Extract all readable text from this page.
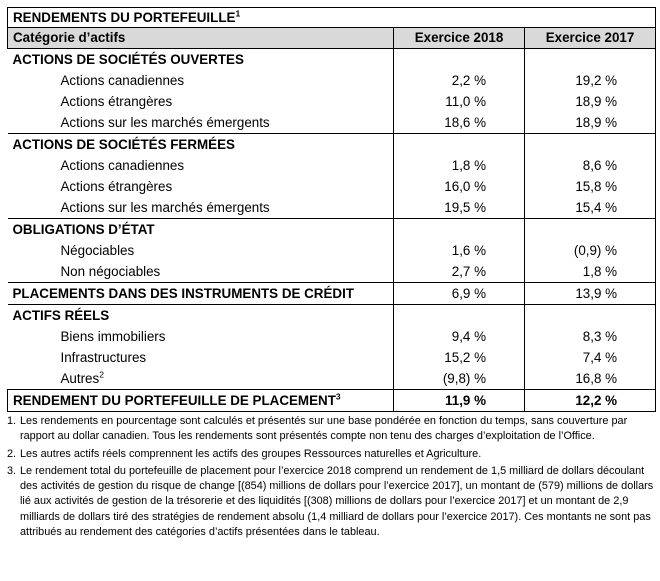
RENDEMENTS DU PORTEFEUILLE$^1$
Catégorie d’actifs	Exercice 2018	Exercice 2017
ACTIONS DE SOCIÉTÉS OUVERTES		
Actions canadiennes	2,2 %	19,2 %
Actions étrangères	11,0 %	18,9 %
Actions sur les marchés émergents	18,6 %	18,9 %
ACTIONS DE SOCIÉTÉS FERMÉES		
Actions canadiennes	1,8 %	8,6 %
Actions étrangères	16,0 %	15,8 %
Actions sur les marchés émergents	19,5 %	15,4 %
OBLIGATIONS D’ÉTAT		
Négociables	1,6 %	(0,9) %
Non négociables	2,7 %	1,8 %
PLACEMENTS DANS DES INSTRUMENTS DE CRÉDIT	6,9 %	13,9 %
ACTIFS RÉELS		
Biens immobiliers	9,4 %	8,3 %
Infrastructures	15,2 %	7,4 %
Autres$^2$	(9,8) %	16,8 %
RENDEMENT DU PORTEFEUILLE DE PLACEMENT$^3$	11,9 %	12,2 %
1. Les rendements en pourcentage sont calculés et présentés sur une base pondérée en fonction du temps, sans couverture par rapport au dollar canadien. Tous les rendements sont présentés compte non tenu des charges d’exploitation de l’Office.
2. Les autres actifs réels comprennent les actifs des groupes Ressources naturelles et Agriculture.
3. Le rendement total du portefeuille de placement pour l’exercice 2018 comprend un rendement de 1,5 milliard de dollars découlant des activités de gestion du risque de change [(854) millions de dollars pour l’exercice 2017], un montant de (579) millions de dollars lié aux activités de gestion de la trésorerie et des liquidités [(308) millions de dollars pour l’exercice 2017] et un montant de 2,9 milliards de dollars tiré des stratégies de rendement absolu (1,4 milliard de dollars pour l’exercice 2017). Ces montants ne sont pas attribués au rendement des catégories d’actifs présentées dans le tableau.
